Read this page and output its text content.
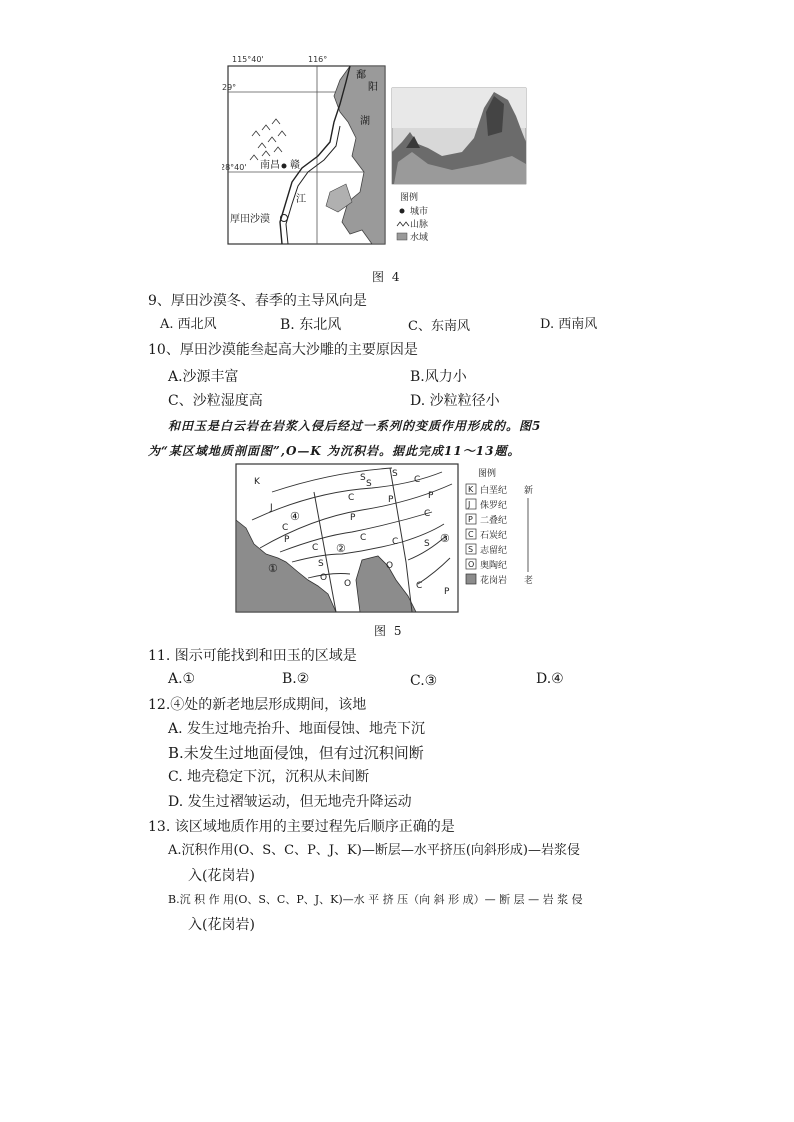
115°40'	116°
29°
28°40'
鄱
阳
湖
南昌 赣
江
厚田沙漠
图例
城市
山脉
水域
图 4
9、厚田沙漠冬、春季的主导风向是
A. 西北风	B. 东北风	C、东南风	D. 西南风
10、厚田沙漠能叁起高大沙雕的主要原因是
A.沙源丰富	B.风力小
C、沙粒湿度高	D. 沙粒粒径小
和田玉是白云岩在岩浆入侵后经过一系列的变质作用形成的。图5
为“某区域地质剖面图”,O—K 为沉积岩。据此完成11～13题。
K
J
S	S
C
C	P
C
P
P	C
C
P
S
S
C	C
S
O
O
O	C
P
①
②
③
④
图例
K
J
P
C
S
O
白垩纪
侏罗纪
二叠纪
石炭纪
志留纪
奥陶纪
花岗岩
新
老
图 5
11. 图示可能找到和田玉的区域是
A.①	B.②	C.③	D.④
12.④处的新老地层形成期间，该地
A. 发生过地壳抬升、地面侵蚀、地壳下沉
B.未发生过地面侵蚀，但有过沉积间断
C. 地壳稳定下沉，沉积从未间断
D. 发生过褶皱运动，但无地壳升降运动
13. 该区域地质作用的主要过程先后顺序正确的是
A.沉积作用(O、S、C、P、J、K)—断层—水平挤压(向斜形成)—岩浆侵
入(花岗岩)
B.沉 积 作 用(O、S、C、P、J、K)—水 平 挤 压（向 斜 形 成）— 断 层 — 岩 浆 侵
入(花岗岩)
